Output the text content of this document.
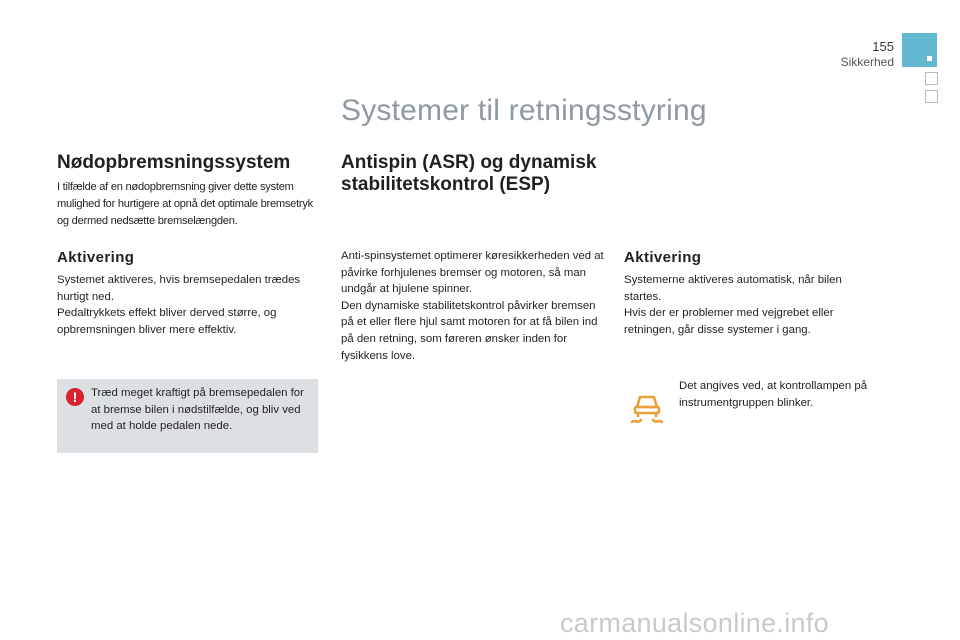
155
Sikkerhed
Systemer til retningsstyring
Nødopbremsningssystem
I tilfælde af en nødopbremsning giver dette system mulighed for hurtigere at opnå det optimale bremsetryk og dermed nedsætte bremselængden.
Aktivering
Systemet aktiveres, hvis bremsepedalen trædes hurtigt ned.
Pedaltrykkets effekt bliver derved større, og opbremsningen bliver mere effektiv.
!	Træd meget kraftigt på bremsepedalen for at bremse bilen i nødstilfælde, og bliv ved med at holde pedalen nede.
Antispin (ASR) og dynamisk stabilitetskontrol (ESP)
Anti-spinsystemet optimerer køresikkerheden ved at påvirke forhjulenes bremser og motoren, så man undgår at hjulene spinner.
Den dynamiske stabilitetskontrol påvirker bremsen på et eller flere hjul samt motoren for at få bilen ind på den retning, som føreren ønsker inden for fysikkens love.
Aktivering
Systemerne aktiveres automatisk, når bilen startes.
Hvis der er problemer med vejgrebet eller retningen, går disse systemer i gang.
Det angives ved, at kontrollampen på instrumentgruppen blinker.
carmanualsonline.info
